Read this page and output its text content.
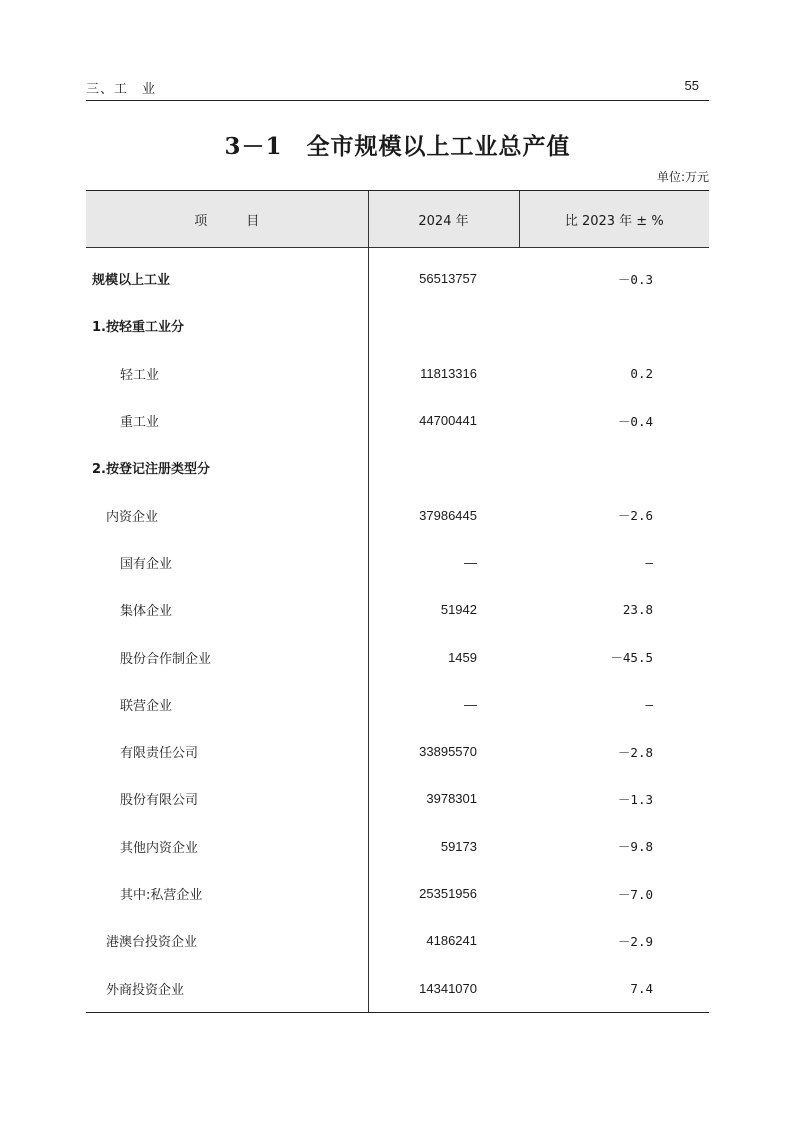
三、工　业	55
3－1 全市规模以上工业总产值
单位:万元
项　　　目	2024 年	比 2023 年 ± %
规模以上工业	56513757	－0.3
1.按轻重工业分		
轻工业	11813316	0.2
重工业	44700441	－0.4
2.按登记注册类型分		
内资企业	37986445	－2.6
国有企业	—	—
集体企业	51942	23.8
股份合作制企业	1459	－45.5
联营企业	—	—
有限责任公司	33895570	－2.8
股份有限公司	3978301	－1.3
其他内资企业	59173	－9.8
其中:私营企业	25351956	－7.0
港澳台投资企业	4186241	－2.9
外商投资企业	14341070	7.4
